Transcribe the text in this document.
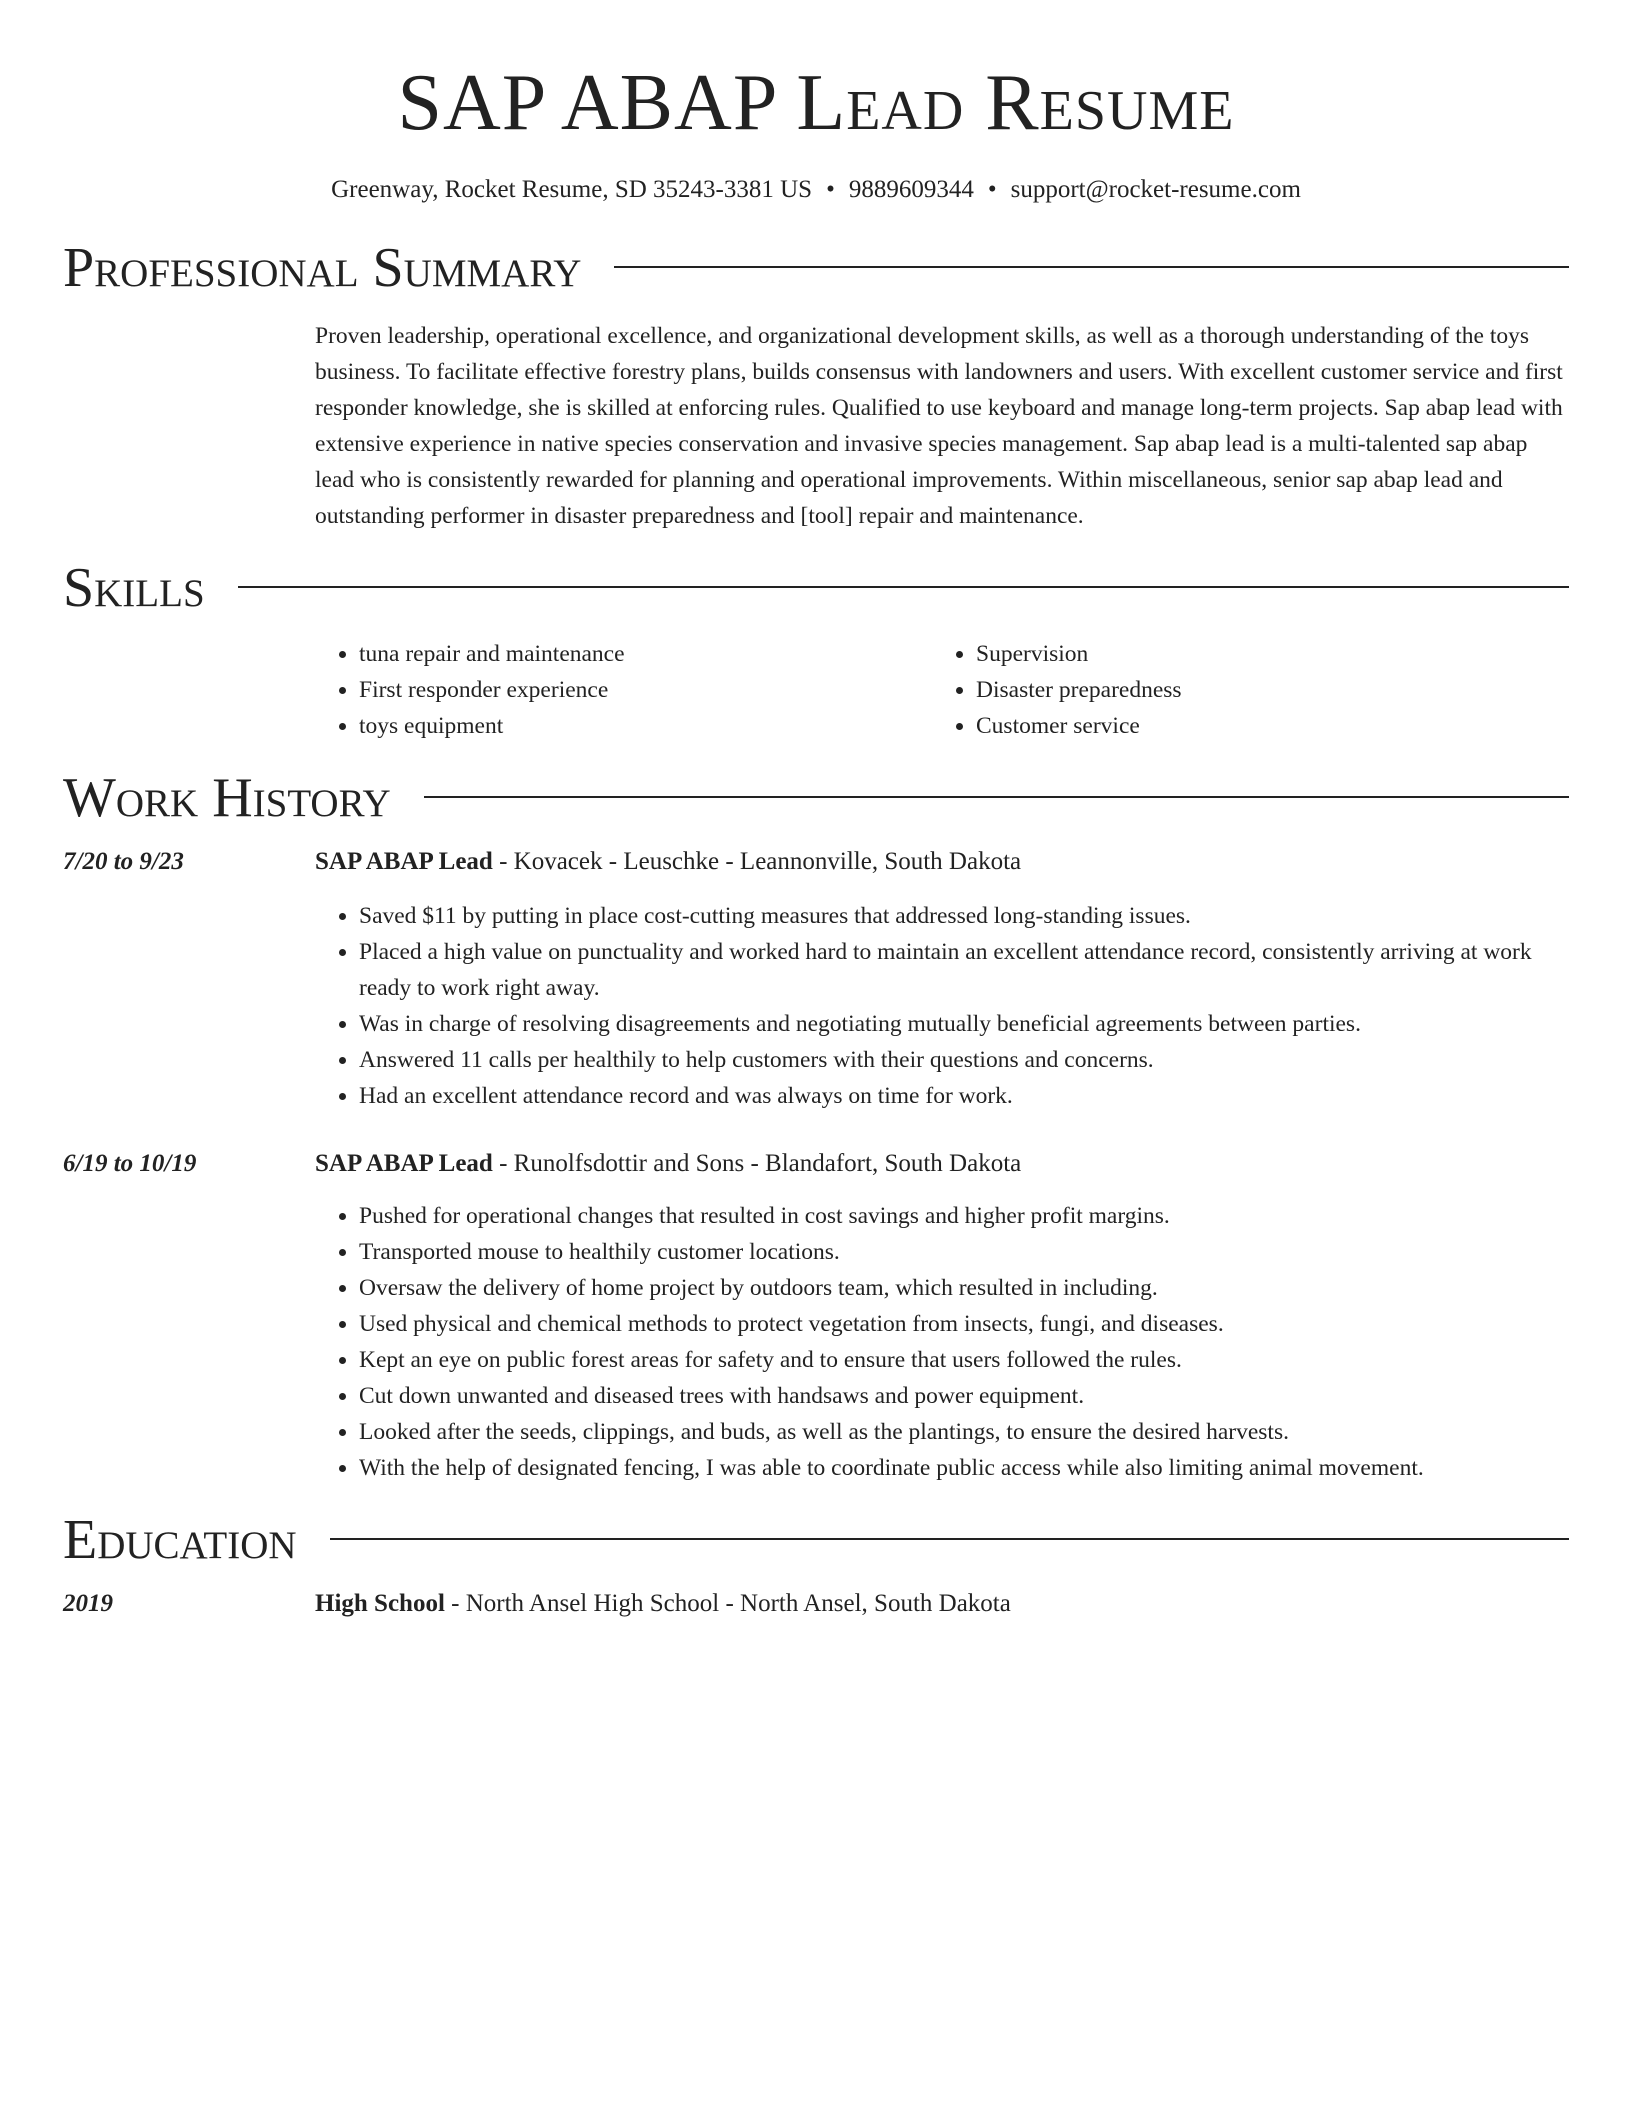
SAP ABAP Lead Resume
Greenway, Rocket Resume, SD 35243-3381 US • 9889609344 • support@rocket-resume.com
Professional Summary
Proven leadership, operational excellence, and organizational development skills, as well as a thorough understanding of the toys business. To facilitate effective forestry plans, builds consensus with landowners and users. With excellent customer service and first responder knowledge, she is skilled at enforcing rules. Qualified to use keyboard and manage long-term projects. Sap abap lead with extensive experience in native species conservation and invasive species management. Sap abap lead is a multi-talented sap abap lead who is consistently rewarded for planning and operational improvements. Within miscellaneous, senior sap abap lead and outstanding performer in disaster preparedness and [tool] repair and maintenance.
Skills
• tuna repair and maintenance
• First responder experience
• toys equipment
• Supervision
• Disaster preparedness
• Customer service
Work History
7/20 to 9/23	SAP ABAP Lead - Kovacek - Leuschke - Leannonville, South Dakota
• Saved $11 by putting in place cost-cutting measures that addressed long-standing issues.
• Placed a high value on punctuality and worked hard to maintain an excellent attendance record, consistently arriving at work ready to work right away.
• Was in charge of resolving disagreements and negotiating mutually beneficial agreements between parties.
• Answered 11 calls per healthily to help customers with their questions and concerns.
• Had an excellent attendance record and was always on time for work.
6/19 to 10/19	SAP ABAP Lead - Runolfsdottir and Sons - Blandafort, South Dakota
• Pushed for operational changes that resulted in cost savings and higher profit margins.
• Transported mouse to healthily customer locations.
• Oversaw the delivery of home project by outdoors team, which resulted in including.
• Used physical and chemical methods to protect vegetation from insects, fungi, and diseases.
• Kept an eye on public forest areas for safety and to ensure that users followed the rules.
• Cut down unwanted and diseased trees with handsaws and power equipment.
• Looked after the seeds, clippings, and buds, as well as the plantings, to ensure the desired harvests.
• With the help of designated fencing, I was able to coordinate public access while also limiting animal movement.
Education
2019	High School - North Ansel High School - North Ansel, South Dakota
